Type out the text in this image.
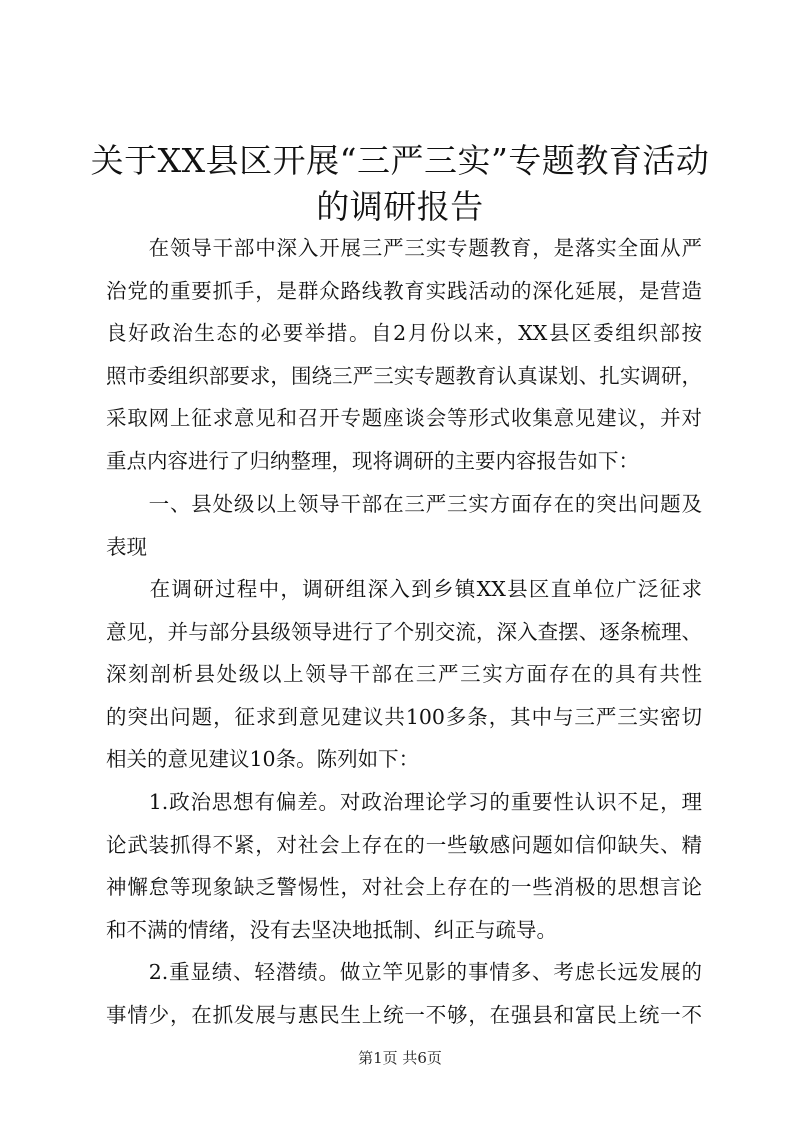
关于XX县区开展“三严三实”专题教育活动
的调研报告
　　在领导干部中深入开展三严三实专题教育，是落实全面从严
治党的重要抓手，是群众路线教育实践活动的深化延展，是营造
良好政治生态的必要举措。自2月份以来，XX县区委组织部按
照市委组织部要求，围绕三严三实专题教育认真谋划、扎实调研，
采取网上征求意见和召开专题座谈会等形式收集意见建议，并对
重点内容进行了归纳整理，现将调研的主要内容报告如下：
　　一、县处级以上领导干部在三严三实方面存在的突出问题及
表现
　　在调研过程中，调研组深入到乡镇XX县区直单位广泛征求
意见，并与部分县级领导进行了个别交流，深入查摆、逐条梳理、
深刻剖析县处级以上领导干部在三严三实方面存在的具有共性
的突出问题，征求到意见建议共100多条，其中与三严三实密切
相关的意见建议10条。陈列如下：
　　1.政治思想有偏差。对政治理论学习的重要性认识不足，理
论武装抓得不紧，对社会上存在的一些敏感问题如信仰缺失、精
神懈怠等现象缺乏警惕性，对社会上存在的一些消极的思想言论
和不满的情绪，没有去坚决地抵制、纠正与疏导。
　　2.重显绩、轻潜绩。做立竿见影的事情多、考虑长远发展的
事情少，在抓发展与惠民生上统一不够，在强县和富民上统一不
第1页 共6页
